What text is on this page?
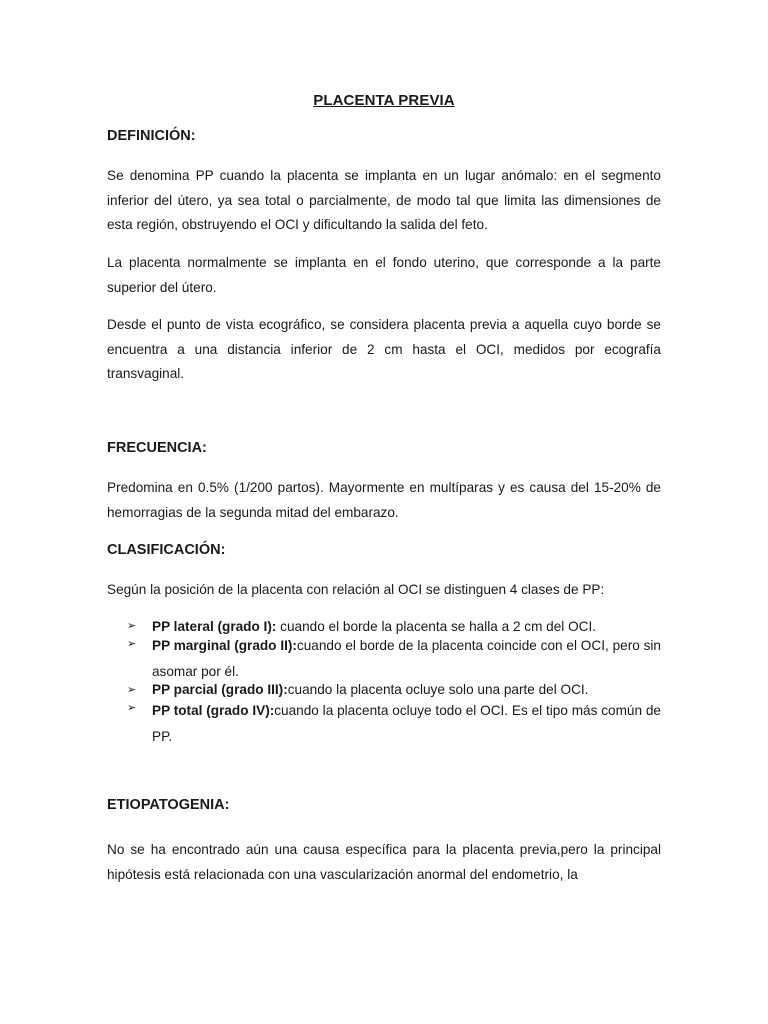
PLACENTA PREVIA
DEFINICIÓN:

Se denomina PP cuando la placenta se implanta en un lugar anómalo: en el segmento inferior del útero, ya sea total o parcialmente, de modo tal que limita las dimensiones de esta región, obstruyendo el OCI y dificultando la salida del feto.

La placenta normalmente se implanta en el fondo uterino, que corresponde a la parte superior del útero.

Desde el punto de vista ecográfico, se considera placenta previa a aquella cuyo borde se encuentra a una distancia inferior de 2 cm hasta el OCI, medidos por ecografía transvaginal.

FRECUENCIA:

Predomina en 0.5% (1/200 partos). Mayormente en multíparas y es causa del 15-20% de hemorragias de la segunda mitad del embarazo.

CLASIFICACIÓN:

Según la posición de la placenta con relación al OCI se distinguen 4 clases de PP:

➢ PP lateral (grado I): cuando el borde la placenta se halla a 2 cm del OCI.
➢ PP marginal (grado II):cuando el borde de la placenta coincide con el OCI, pero sin asomar por él.
➢ PP parcial (grado III):cuando la placenta ocluye solo una parte del OCI.
➢ PP total (grado IV):cuando la placenta ocluye todo el OCI. Es el tipo más común de PP.
ETIOPATOGENIA:

No se ha encontrado aún una causa específica para la placenta previa,pero la principal hipótesis está relacionada con una vascularización anormal del endometrio, la
